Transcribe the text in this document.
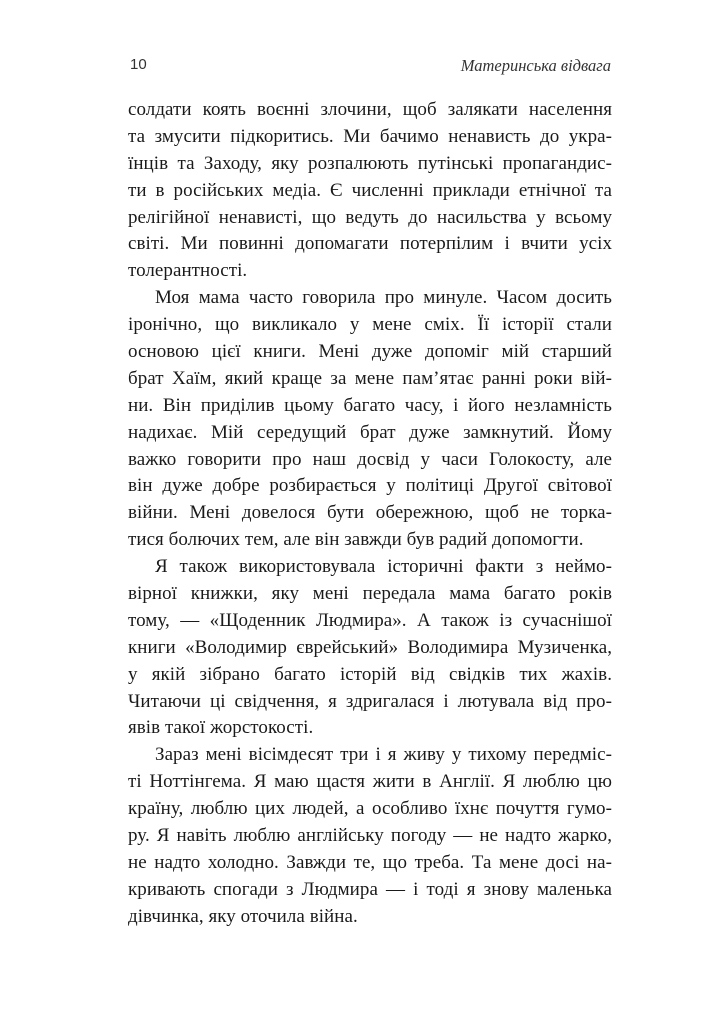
10	Материнська відвага
солдати коять воєнні злочини, щоб залякати населення
та змусити підкоритись. Ми бачимо ненависть до укра-
їнців та Заходу, яку розпалюють путінські пропагандис-
ти в російських медіа. Є численні приклади етнічної та
релігійної ненависті, що ведуть до насильства у всьому
світі. Ми повинні допомагати потерпілим і вчити усіх
толерантності.
Моя мама часто говорила про минуле. Часом досить
іронічно, що викликало у мене сміх. Її історії стали
основою цієї книги. Мені дуже допоміг мій старший
брат Хаїм, який краще за мене пам’ятає ранні роки вій-
ни. Він приділив цьому багато часу, і його незламність
надихає. Мій середущий брат дуже замкнутий. Йому
важко говорити про наш досвід у часи Голокосту, але
він дуже добре розбирається у політиці Другої світової
війни. Мені довелося бути обережною, щоб не торка-
тися болючих тем, але він завжди був радий допомогти.
Я також використовувала історичні факти з неймо-
вірної книжки, яку мені передала мама багато років
тому, — «Щоденник Людмира». А також із сучаснішої
книги «Володимир єврейський» Володимира Музиченка,
у якій зібрано багато історій від свідків тих жахів.
Читаючи ці свідчення, я здригалася і лютувала від про-
явів такої жорстокості.
Зараз мені вісімдесят три і я живу у тихому передміс-
ті Ноттінгема. Я маю щастя жити в Англії. Я люблю цю
країну, люблю цих людей, а особливо їхнє почуття гумо-
ру. Я навіть люблю англійську погоду — не надто жарко,
не надто холодно. Завжди те, що треба. Та мене досі на-
кривають спогади з Людмира — і тоді я знову маленька
дівчинка, яку оточила війна.
